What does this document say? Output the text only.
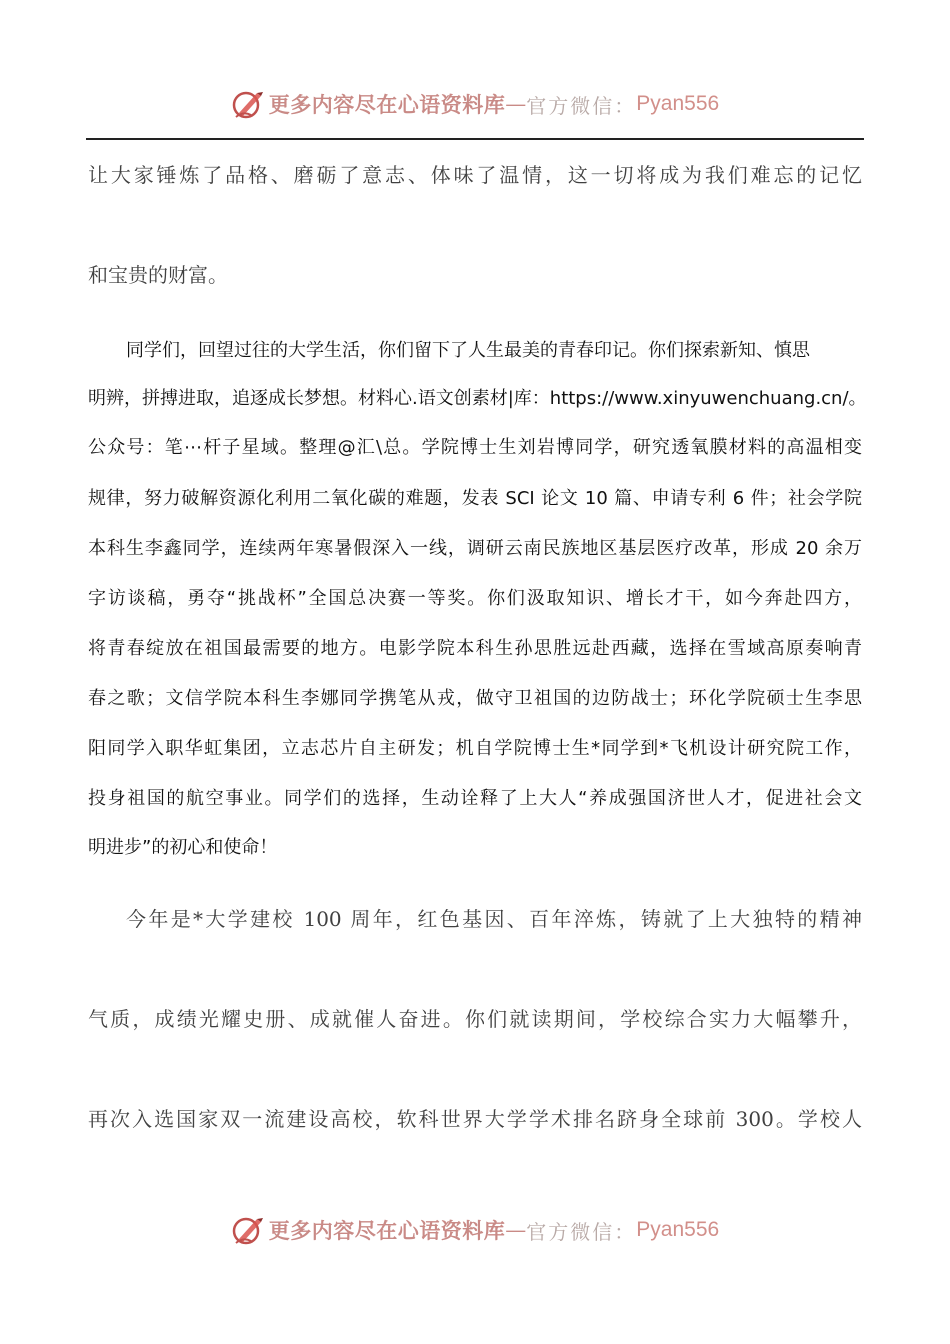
更多内容尽在心语资料库 — 官方微信： Pyan556

让大家锤炼了品格、磨砺了意志、体味了温情，这一切将成为我们难忘的记忆

和宝贵的财富。

同学们，回望过往的大学生活，你们留下了人生最美的青春印记。你们探索新知、慎思

明辨，拼搏进取，追逐成长梦想。材料心.语文创素材|库：https://www.xinyuwenchuang.cn/。

公众号：笔⋯杆子星域。整理@汇\总。学院博士生刘岩博同学，研究透氧膜材料的高温相变

规律，努力破解资源化利用二氧化碳的难题，发表 SCI 论文 10 篇、申请专利 6 件；社会学院

本科生李鑫同学，连续两年寒暑假深入一线，调研云南民族地区基层医疗改革，形成 20 余万

字访谈稿，勇夺“挑战杯”全国总决赛一等奖。你们汲取知识、增长才干，如今奔赴四方，

将青春绽放在祖国最需要的地方。电影学院本科生孙思胜远赴西藏，选择在雪域高原奏响青

春之歌；文信学院本科生李娜同学携笔从戎，做守卫祖国的边防战士；环化学院硕士生李思

阳同学入职华虹集团，立志芯片自主研发；机自学院博士生*同学到*飞机设计研究院工作，

投身祖国的航空事业。同学们的选择，生动诠释了上大人“养成强国济世人才，促进社会文

明进步”的初心和使命！

今年是*大学建校 100 周年，红色基因、百年淬炼，铸就了上大独特的精神

气质，成绩光耀史册、成就催人奋进。你们就读期间，学校综合实力大幅攀升，

再次入选国家双一流建设高校，软科世界大学学术排名跻身全球前 300。学校人

更多内容尽在心语资料库 — 官方微信： Pyan556
